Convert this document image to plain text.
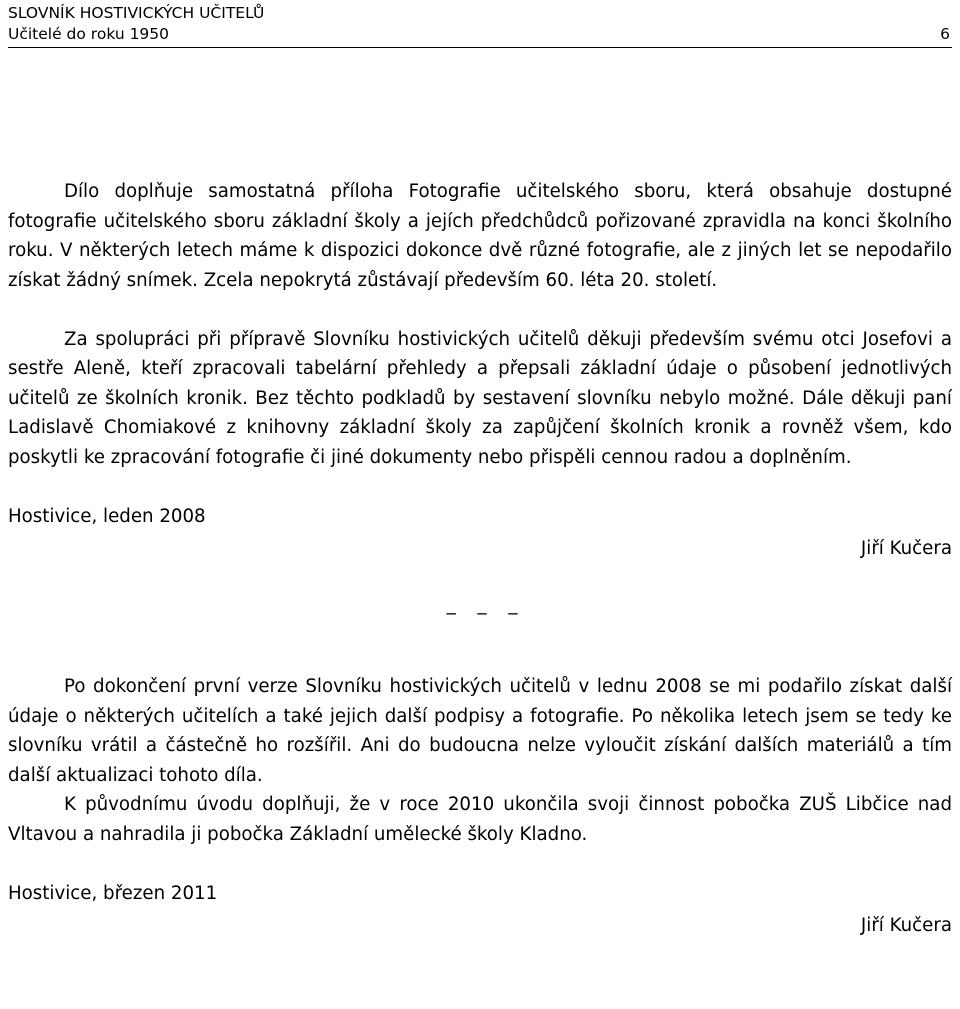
SLOVNÍK HOSTIVICKÝCH UČITELŮ
Učitelé do roku 1950	6

Dílo doplňuje samostatná příloha Fotografie učitelského sboru, která obsahuje dostupné fotografie učitelského sboru základní školy a jejích předchůdců pořizované zpravidla na konci školního roku. V některých letech máme k dispozici dokonce dvě různé fotografie, ale z jiných let se nepodařilo získat žádný snímek. Zcela nepokrytá zůstávají především 60. léta 20. století.

Za spolupráci při přípravě Slovníku hostivických učitelů děkuji především svému otci Josefovi a sestře Aleně, kteří zpracovali tabelární přehledy a přepsali základní údaje o působení jednotlivých učitelů ze školních kronik. Bez těchto podkladů by sestavení slovníku nebylo možné. Dále děkuji paní Ladislavě Chomiakové z knihovny základní školy za zapůjčení školních kronik a rovněž všem, kdo poskytli ke zpracování fotografie či jiné dokumenty nebo přispěli cennou radou a doplněním.

Hostivice, leden 2008

Jiří Kučera

_ _ _

Po dokončení první verze Slovníku hostivických učitelů v lednu 2008 se mi podařilo získat další údaje o některých učitelích a také jejich další podpisy a fotografie. Po několika letech jsem se tedy ke slovníku vrátil a částečně ho rozšířil. Ani do budoucna nelze vyloučit získání dalších materiálů a tím další aktualizaci tohoto díla.

K původnímu úvodu doplňuji, že v roce 2010 ukončila svoji činnost pobočka ZUŠ Libčice nad Vltavou a nahradila ji pobočka Základní umělecké školy Kladno.

Hostivice, březen 2011

Jiří Kučera
